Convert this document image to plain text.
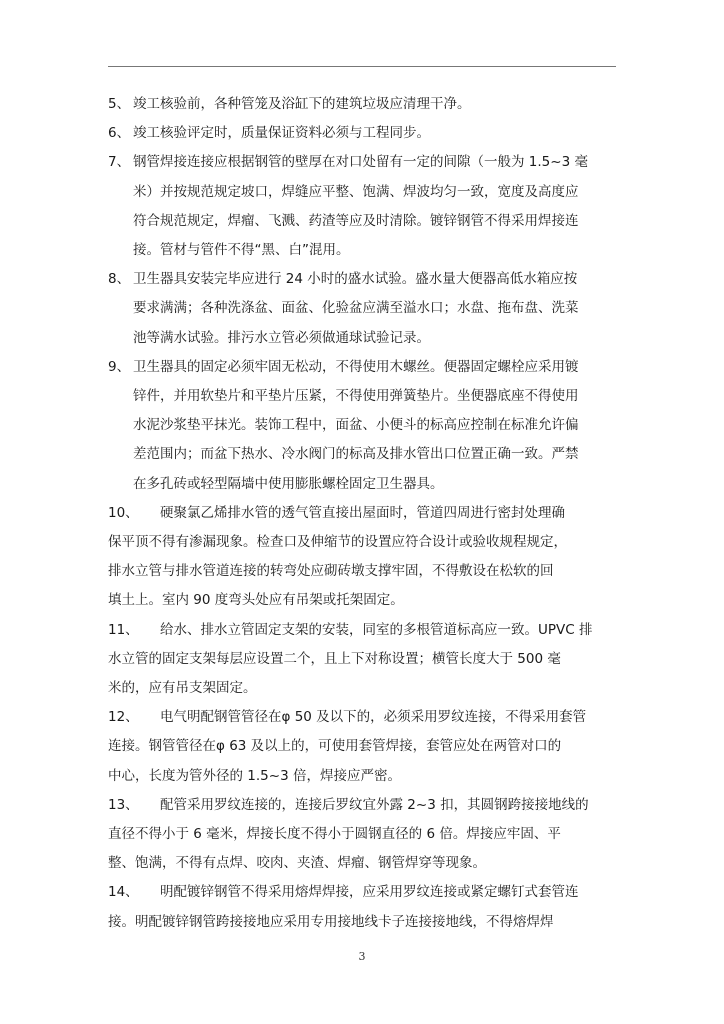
5、 竣工核验前，各种管笼及浴缸下的建筑垃圾应清理干净。
6、 竣工核验评定时，质量保证资料必须与工程同步。
7、 钢管焊接连接应根据钢管的壁厚在对口处留有一定的间隙（一般为 1.5~3 毫
米）并按规范规定坡口，焊缝应平整、饱满、焊波均匀一致，宽度及高度应
符合规范规定，焊瘤、飞溅、药渣等应及时清除。镀锌钢管不得采用焊接连
接。管材与管件不得“黑、白”混用。
8、 卫生器具安装完毕应进行 24 小时的盛水试验。盛水量大便器高低水箱应按
要求满满；各种洗涤盆、面盆、化验盆应满至溢水口；水盘、拖布盘、洗菜
池等满水试验。排污水立管必须做通球试验记录。
9、 卫生器具的固定必须牢固无松动，不得使用木螺丝。便器固定螺栓应采用镀
锌件，并用软垫片和平垫片压紧，不得使用弹簧垫片。坐便器底座不得使用
水泥沙浆垫平抹光。装饰工程中，面盆、小便斗的标高应控制在标准允许偏
差范围内；而盆下热水、冷水阀门的标高及排水管出口位置正确一致。严禁
在多孔砖或轻型隔墙中使用膨胀螺栓固定卫生器具。
10、 硬聚氯乙烯排水管的透气管直接出屋面时，管道四周进行密封处理确
保平顶不得有渗漏现象。检查口及伸缩节的设置应符合设计或验收规程规定，
排水立管与排水管道连接的转弯处应砌砖墩支撑牢固，不得敷设在松软的回
填土上。室内 90 度弯头处应有吊架或托架固定。
11、 给水、排水立管固定支架的安装，同室的多根管道标高应一致。UPVC 排
水立管的固定支架每层应设置二个，且上下对称设置；横管长度大于 500 毫
米的，应有吊支架固定。
12、 电气明配钢管管径在φ 50 及以下的，必须采用罗纹连接，不得采用套管
连接。钢管管径在φ 63 及以上的，可使用套管焊接，套管应处在两管对口的
中心，长度为管外径的 1.5~3 倍，焊接应严密。
13、 配管采用罗纹连接的，连接后罗纹宜外露 2~3 扣，其圆钢跨接接地线的
直径不得小于 6 毫米，焊接长度不得小于圆钢直径的 6 倍。焊接应牢固、平
整、饱满，不得有点焊、咬肉、夹渣、焊瘤、钢管焊穿等现象。
14、 明配镀锌钢管不得采用熔焊焊接，应采用罗纹连接或紧定螺钉式套管连
接。明配镀锌钢管跨接接地应采用专用接地线卡子连接接地线，不得熔焊焊
3
